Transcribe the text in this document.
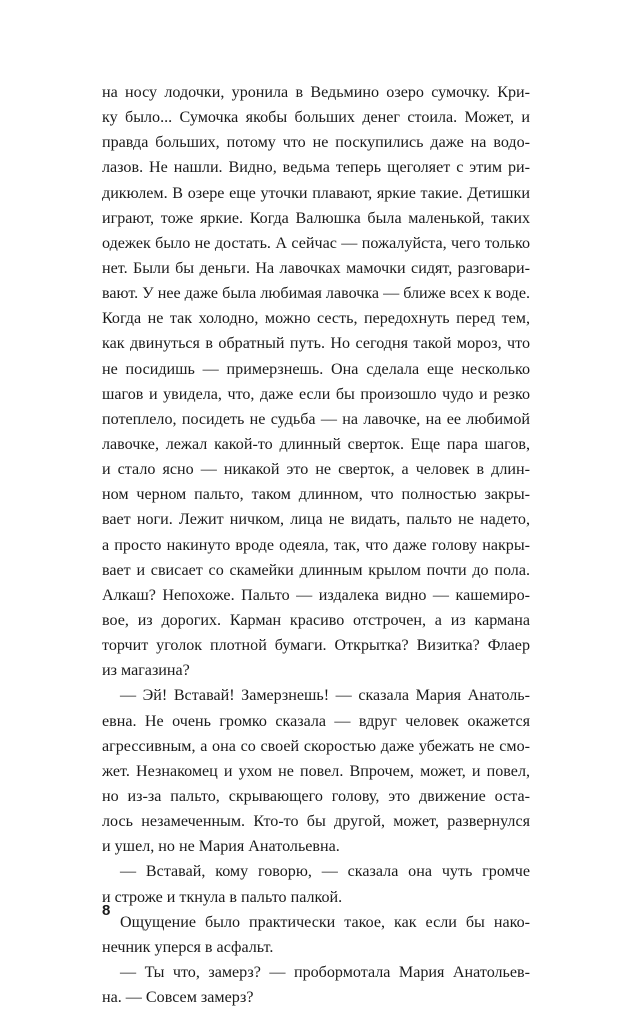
на носу лодочки, уронила в Ведьмино озеро сумочку. Кри-
ку было... Сумочка якобы больших денег стоила. Может, и
правда больших, потому что не поскупились даже на водо-
лазов. Не нашли. Видно, ведьма теперь щеголяет с этим ри-
дикюлем. В озере еще уточки плавают, яркие такие. Детишки
играют, тоже яркие. Когда Валюшка была маленькой, таких
одежек было не достать. А сейчас — пожалуйста, чего только
нет. Были бы деньги. На лавочках мамочки сидят, разговари-
вают. У нее даже была любимая лавочка — ближе всех к воде.
Когда не так холодно, можно сесть, передохнуть перед тем,
как двинуться в обратный путь. Но сегодня такой мороз, что
не посидишь — примерзнешь. Она сделала еще несколько
шагов и увидела, что, даже если бы произошло чудо и резко
потеплело, посидеть не судьба — на лавочке, на ее любимой
лавочке, лежал какой-то длинный сверток. Еще пара шагов,
и стало ясно — никакой это не сверток, а человек в длин-
ном черном пальто, таком длинном, что полностью закры-
вает ноги. Лежит ничком, лица не видать, пальто не надето,
а просто накинуто вроде одеяла, так, что даже голову накры-
вает и свисает со скамейки длинным крылом почти до пола.
Алкаш? Непохоже. Пальто — издалека видно — кашемиро-
вое, из дорогих. Карман красиво отстрочен, а из кармана
торчит уголок плотной бумаги. Открытка? Визитка? Флаер
из магазина?
— Эй! Вставай! Замерзнешь! — сказала Мария Анатоль-
евна. Не очень громко сказала — вдруг человек окажется
агрессивным, а она со своей скоростью даже убежать не смо-
жет. Незнакомец и ухом не повел. Впрочем, может, и повел,
но из-за пальто, скрывающего голову, это движение оста-
лось незамеченным. Кто-то бы другой, может, развернулся
и ушел, но не Мария Анатольевна.
— Вставай, кому говорю, — сказала она чуть громче
и строже и ткнула в пальто палкой.
Ощущение было практически такое, как если бы нако-
нечник уперся в асфальт.
— Ты что, замерз? — пробормотала Мария Анатольев-
на. — Совсем замерз?
8
